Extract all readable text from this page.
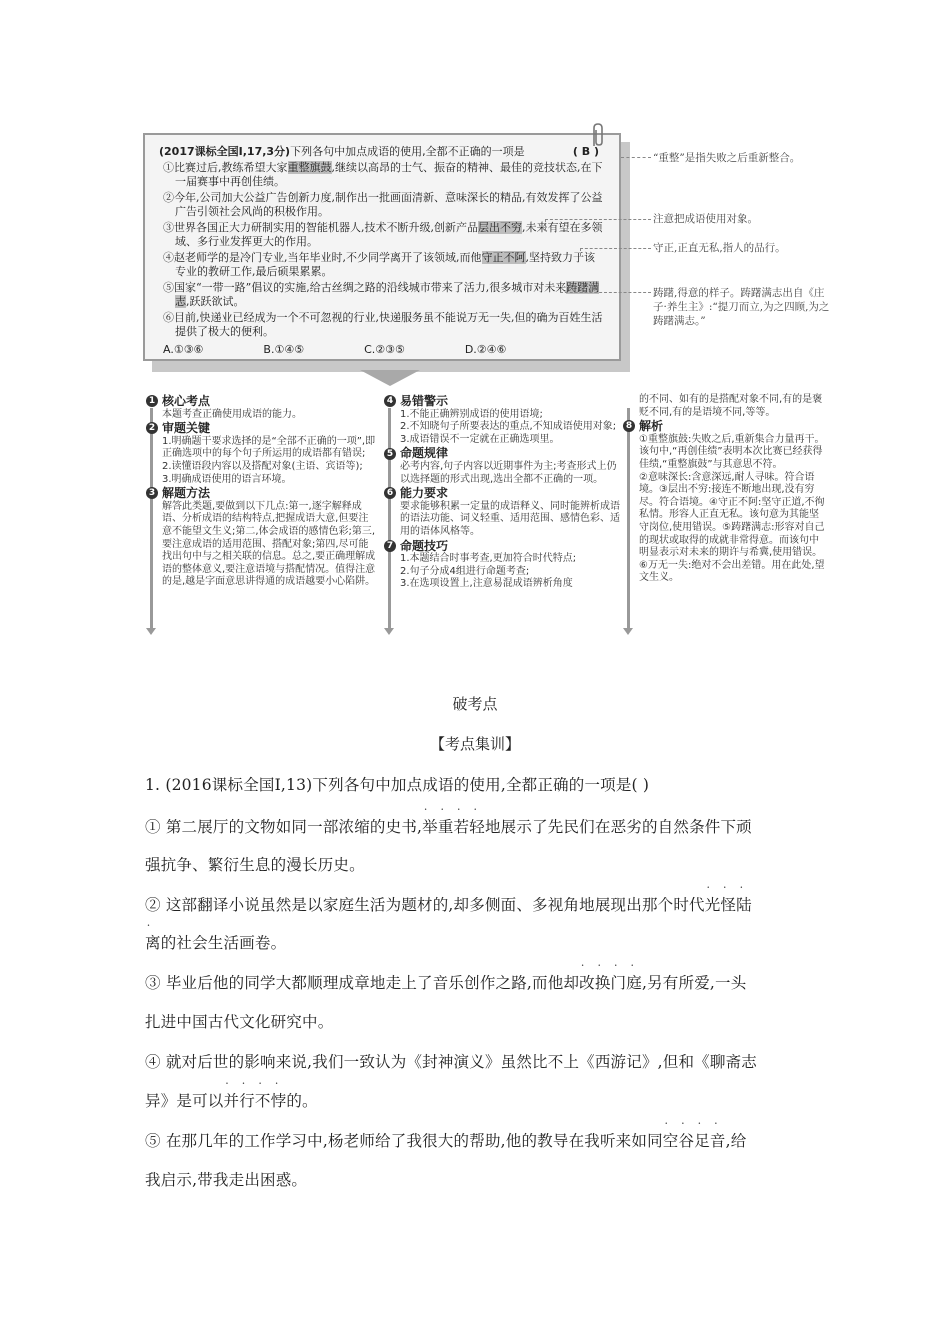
(2017课标全国Ⅰ,17,3分)下列各句中加点成语的使用,全都不正确的一项是	( B )

①比赛过后,教练希望大家重整旗鼓,继续以高昂的士气、振奋的精神、最佳的竞技状态,在下一届赛事中再创佳绩。

②今年,公司加大公益广告创新力度,制作出一批画面清新、意味深长的精品,有效发挥了公益广告引领社会风尚的积极作用。

③世界各国正大力研制实用的智能机器人,技术不断升级,创新产品层出不穷,未来有望在多领域、多行业发挥更大的作用。

④赵老师学的是冷门专业,当年毕业时,不少同学离开了该领域,而他守正不阿,坚持致力于该专业的教研工作,最后硕果累累。

⑤国家“一带一路”倡议的实施,给古丝绸之路的沿线城市带来了活力,很多城市对未来踌躇满志,跃跃欲试。

⑥目前,快递业已经成为一个不可忽视的行业,快递服务虽不能说万无一失,但的确为百姓生活提供了极大的便利。

A.①③⑥	B.①④⑤	C.②③⑤	D.②④⑥
“重整”是指失败之后重新整合。
注意把成语使用对象。
守正,正直无私,指人的品行。
踌躇,得意的样子。踌躇满志出自《庄子·养生主》:“提刀而立,为之四顾,为之踌躇满志。”
1 核心考点

本题考查正确使用成语的能力。

2 审题关键

1.明确题干要求选择的是“全部不正确的一项”,即正确选项中的每个句子所运用的成语都有错误;

2.读懂语段内容以及搭配对象(主语、宾语等);

3.明确成语使用的语言环境。

3 解题方法

解答此类题,要做到以下几点:第一,逐字解释成语、分析成语的结构特点,把握成语大意,但要注意不能望文生义;第二,体会成语的感情色彩;第三,要注意成语的适用范围、搭配对象;第四,尽可能找出句中与之相关联的信息。总之,要正确理解成语的整体意义,要注意语境与搭配情况。值得注意的是,越是字面意思讲得通的成语越要小心陷阱。

4 易错警示

1.不能正确辨别成语的使用语境;

2.不知晓句子所要表达的重点,不知成语使用对象;

3.成语错误不一定就在正确选项里。

5 命题规律

必考内容,句子内容以近期事件为主;考查形式上仍以选择题的形式出现,选出全都不正确的一项。

6 能力要求

要求能够积累一定量的成语释义、同时能辨析成语的语法功能、词义轻重、适用范围、感情色彩、适用的语体风格等。

7 命题技巧

1.本题结合时事考查,更加符合时代特点;

2.句子分成4组进行命题考查;

3.在选项设置上,注意易混成语辨析角度

的不同、如有的是搭配对象不同,有的是褒贬不同,有的是语境不同,等等。

8 解析

①重整旗鼓:失败之后,重新集合力量再干。该句中,“再创佳绩”表明本次比赛已经获得佳绩,“重整旗鼓”与其意思不符。

②意味深长:含意深远,耐人寻味。符合语境。③层出不穷:接连不断地出现,没有穷尽。符合语境。④守正不阿:坚守正道,不徇私情。形容人正直无私。该句意为其能坚守岗位,使用错误。⑤踌躇满志:形容对自己的现状或取得的成就非常得意。而该句中明显表示对未来的期许与希冀,使用错误。⑥万无一失:绝对不会出差错。用在此处,望文生义。

破考点
【考点集训】
1. (2016课标全国Ⅰ,13)下列各句中加点成语的使用,全都正确的一项是( )
① 第二展厅的文物如同一部浓缩的史书,• • • • 举重若轻地展示了先民们在恶劣的自然条件下顽
强抗争、繁衍生息的漫长历史。
② 这部翻译小说虽然是以家庭生活为题材的,却多侧面、多视角地展现出那个时代• • • 光怪陆
离的社会生活画卷。
③ 毕业后他的同学大都顺理成章地走上了音乐创作之路,而他却• • • • 改换门庭,另有所爱,一头
扎进中国古代文化研究中。
④ 就对后世的影响来说,我们一致认为《封神演义》虽然比不上《西游记》,但和《聊斋志
异》是可以• • • • 并行不悖的。
⑤ 在那几年的工作学习中,杨老师给了我很大的帮助,他的教导在我听来如同• • • • 空谷足音,给
我启示,带我走出困惑。
